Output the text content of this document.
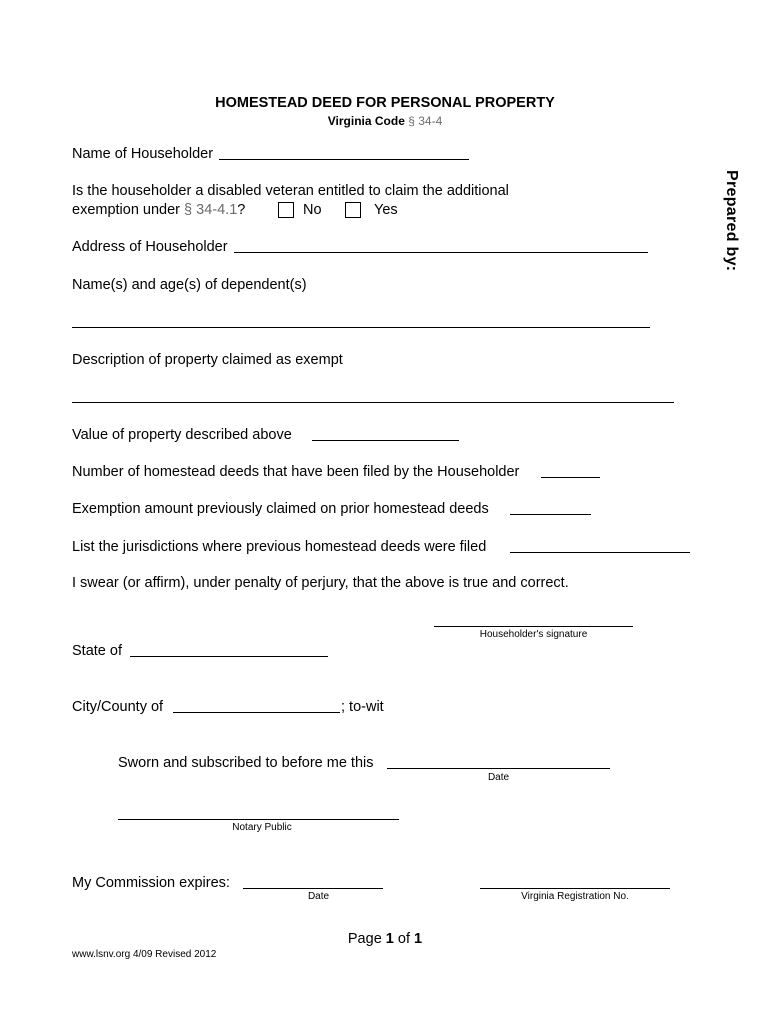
HOMESTEAD DEED FOR PERSONAL PROPERTY
Virginia Code § 34-4
Prepared by:
Name of Householder
Is the householder a disabled veteran entitled to claim the additional
exemption under § 34-4.1?	No	Yes
Address of Householder
Name(s) and age(s) of dependent(s)
Description of property claimed as exempt
Value of property described above
Number of homestead deeds that have been filed by the Householder
Exemption amount previously claimed on prior homestead deeds
List the jurisdictions where previous homestead deeds were filed
I swear (or affirm), under penalty of perjury, that the above is true and correct.
Householder's signature
State of
City/County of	; to-wit
Sworn and subscribed to before me this
Date
Notary Public
My Commission expires:
Date	Virginia Registration No.
Page 1 of 1
www.lsnv.org 4/09 Revised 2012
